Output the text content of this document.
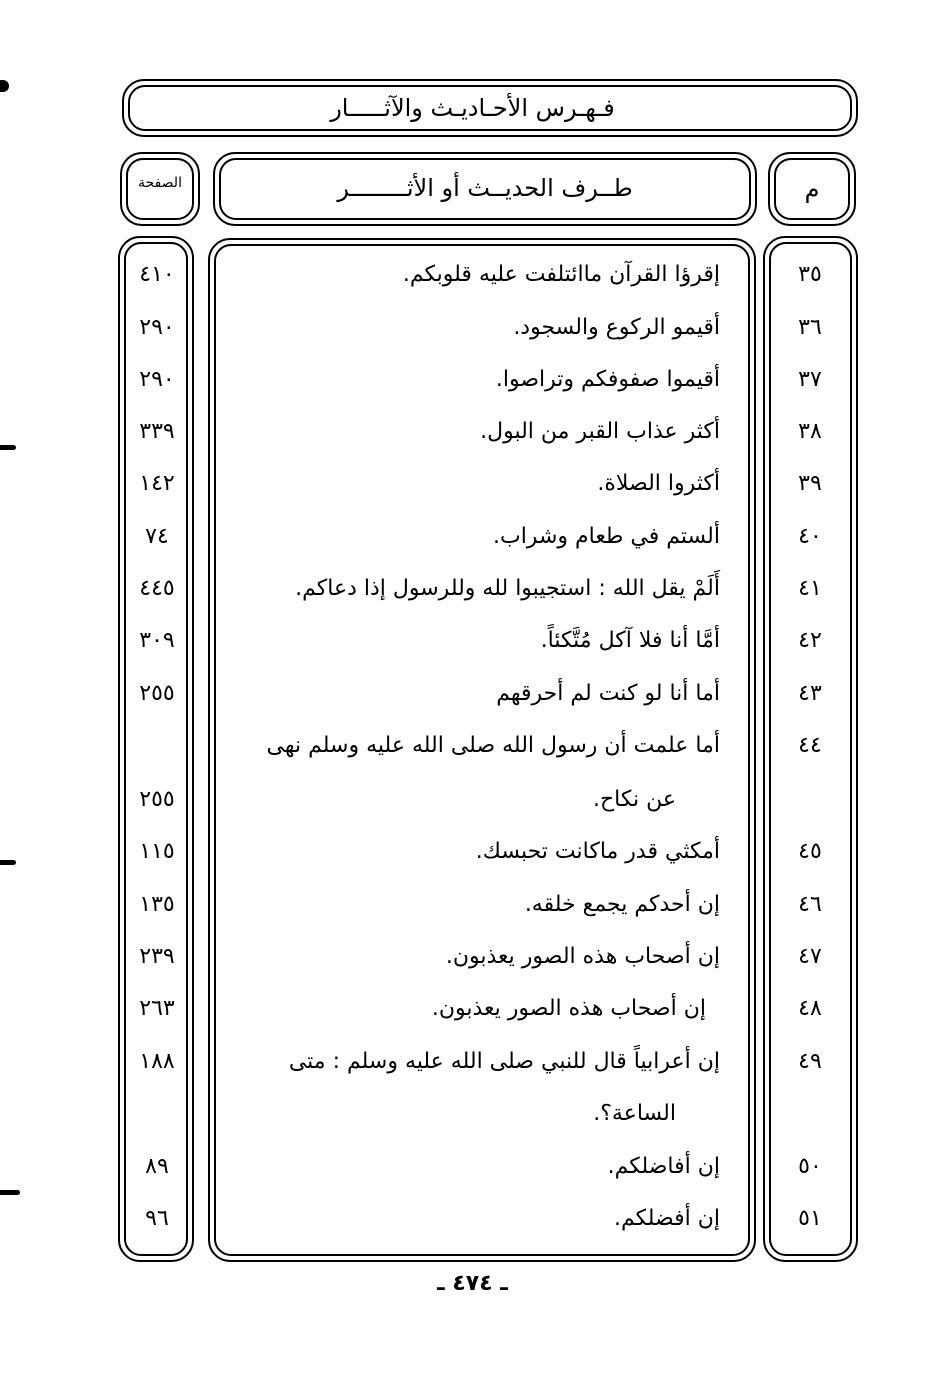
فـهـرس الأحـاديـث والآثـــــار
م
طــرف الحديــث أو الأثــــــــر
الصفحة
٣٥
إقرؤا القرآن ماائتلفت عليه قلوبكم.
٤١٠
٣٦
أقيمو الركوع والسجود.
٢٩٠
٣٧
أقيموا صفوفكم وتراصوا.
٢٩٠
٣٨
أكثر عذاب القبر من البول.
٣٣٩
٣٩
أكثروا الصلاة.
١٤٢
٤٠
ألستم في طعام وشراب.
٧٤
٤١
أَلَمْ يقل الله : استجيبوا لله وللرسول إذا دعاكم.
٤٤٥
٤٢
أمَّا أنا فلا آكل مُتَّكئاً.
٣٠٩
٤٣
أما أنا لو كنت لم أحرقهم
٢٥٥
٤٤
أما علمت أن رسول الله صلى الله عليه وسلم نهى
عن نكاح.
٢٥٥
٤٥
أمكثي قدر ماكانت تحبسك.
١١٥
٤٦
إن أحدكم يجمع خلقه.
١٣٥
٤٧
إن أصحاب هذه الصور يعذبون.
٢٣٩
٤٨
إن أصحاب هذه الصور يعذبون.
٢٦٣
٤٩
إن أعرابياً قال للنبي صلى الله عليه وسلم : متى
١٨٨
الساعة؟.
٥٠
إن أفاضلكم.
٨٩
٥١
إن أفضلكم.
٩٦
ـ ٤٧٤ ـ
